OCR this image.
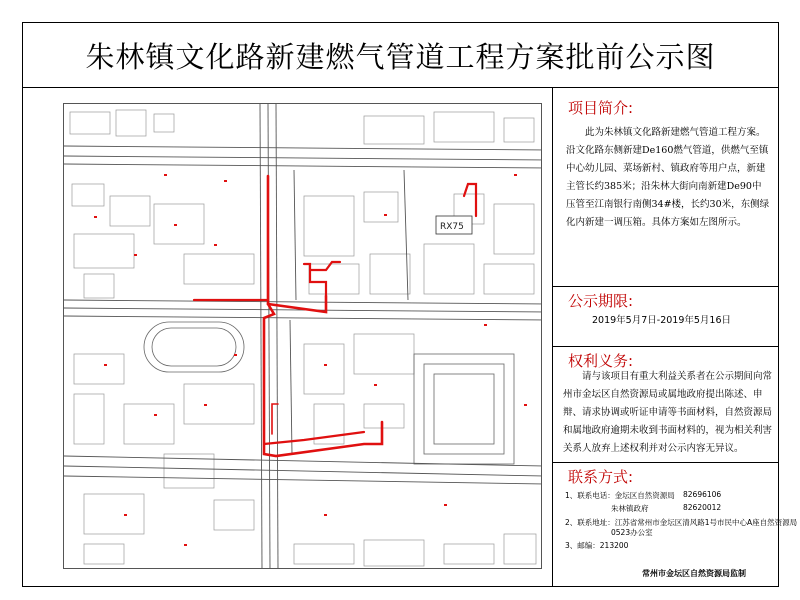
朱林镇文化路新建燃气管道工程方案批前公示图
RX75
项目简介:
此为朱林镇文化路新建燃气管道工程方案。沿文化路东侧新建De160燃气管道，供燃气至镇中心幼儿园、菜场新村、镇政府等用户点，新建主管长约385米；沿朱林大街向南新建De90中压管至江南银行南侧34#楼，长约30米，东侧绿化内新建一调压箱。具体方案如左图所示。
公示期限:
2019年5月7日-2019年5月16日
权利义务:
请与该项目有重大利益关系者在公示期间向常州市金坛区自然资源局或属地政府提出陈述、申辩、请求协调或听证申请等书面材料，自然资源局和属地政府逾期未收到书面材料的，视为相关利害关系人放弃上述权利并对公示内容无异议。
联系方式:
1、联系电话：金坛区自然资源局 82696106
朱林镇政府	82620012
2、联系地址：江苏省常州市金坛区清风路1号市民中心A座自然资源局
0523办公室
3、邮编：213200
常州市金坛区自然资源局监制
